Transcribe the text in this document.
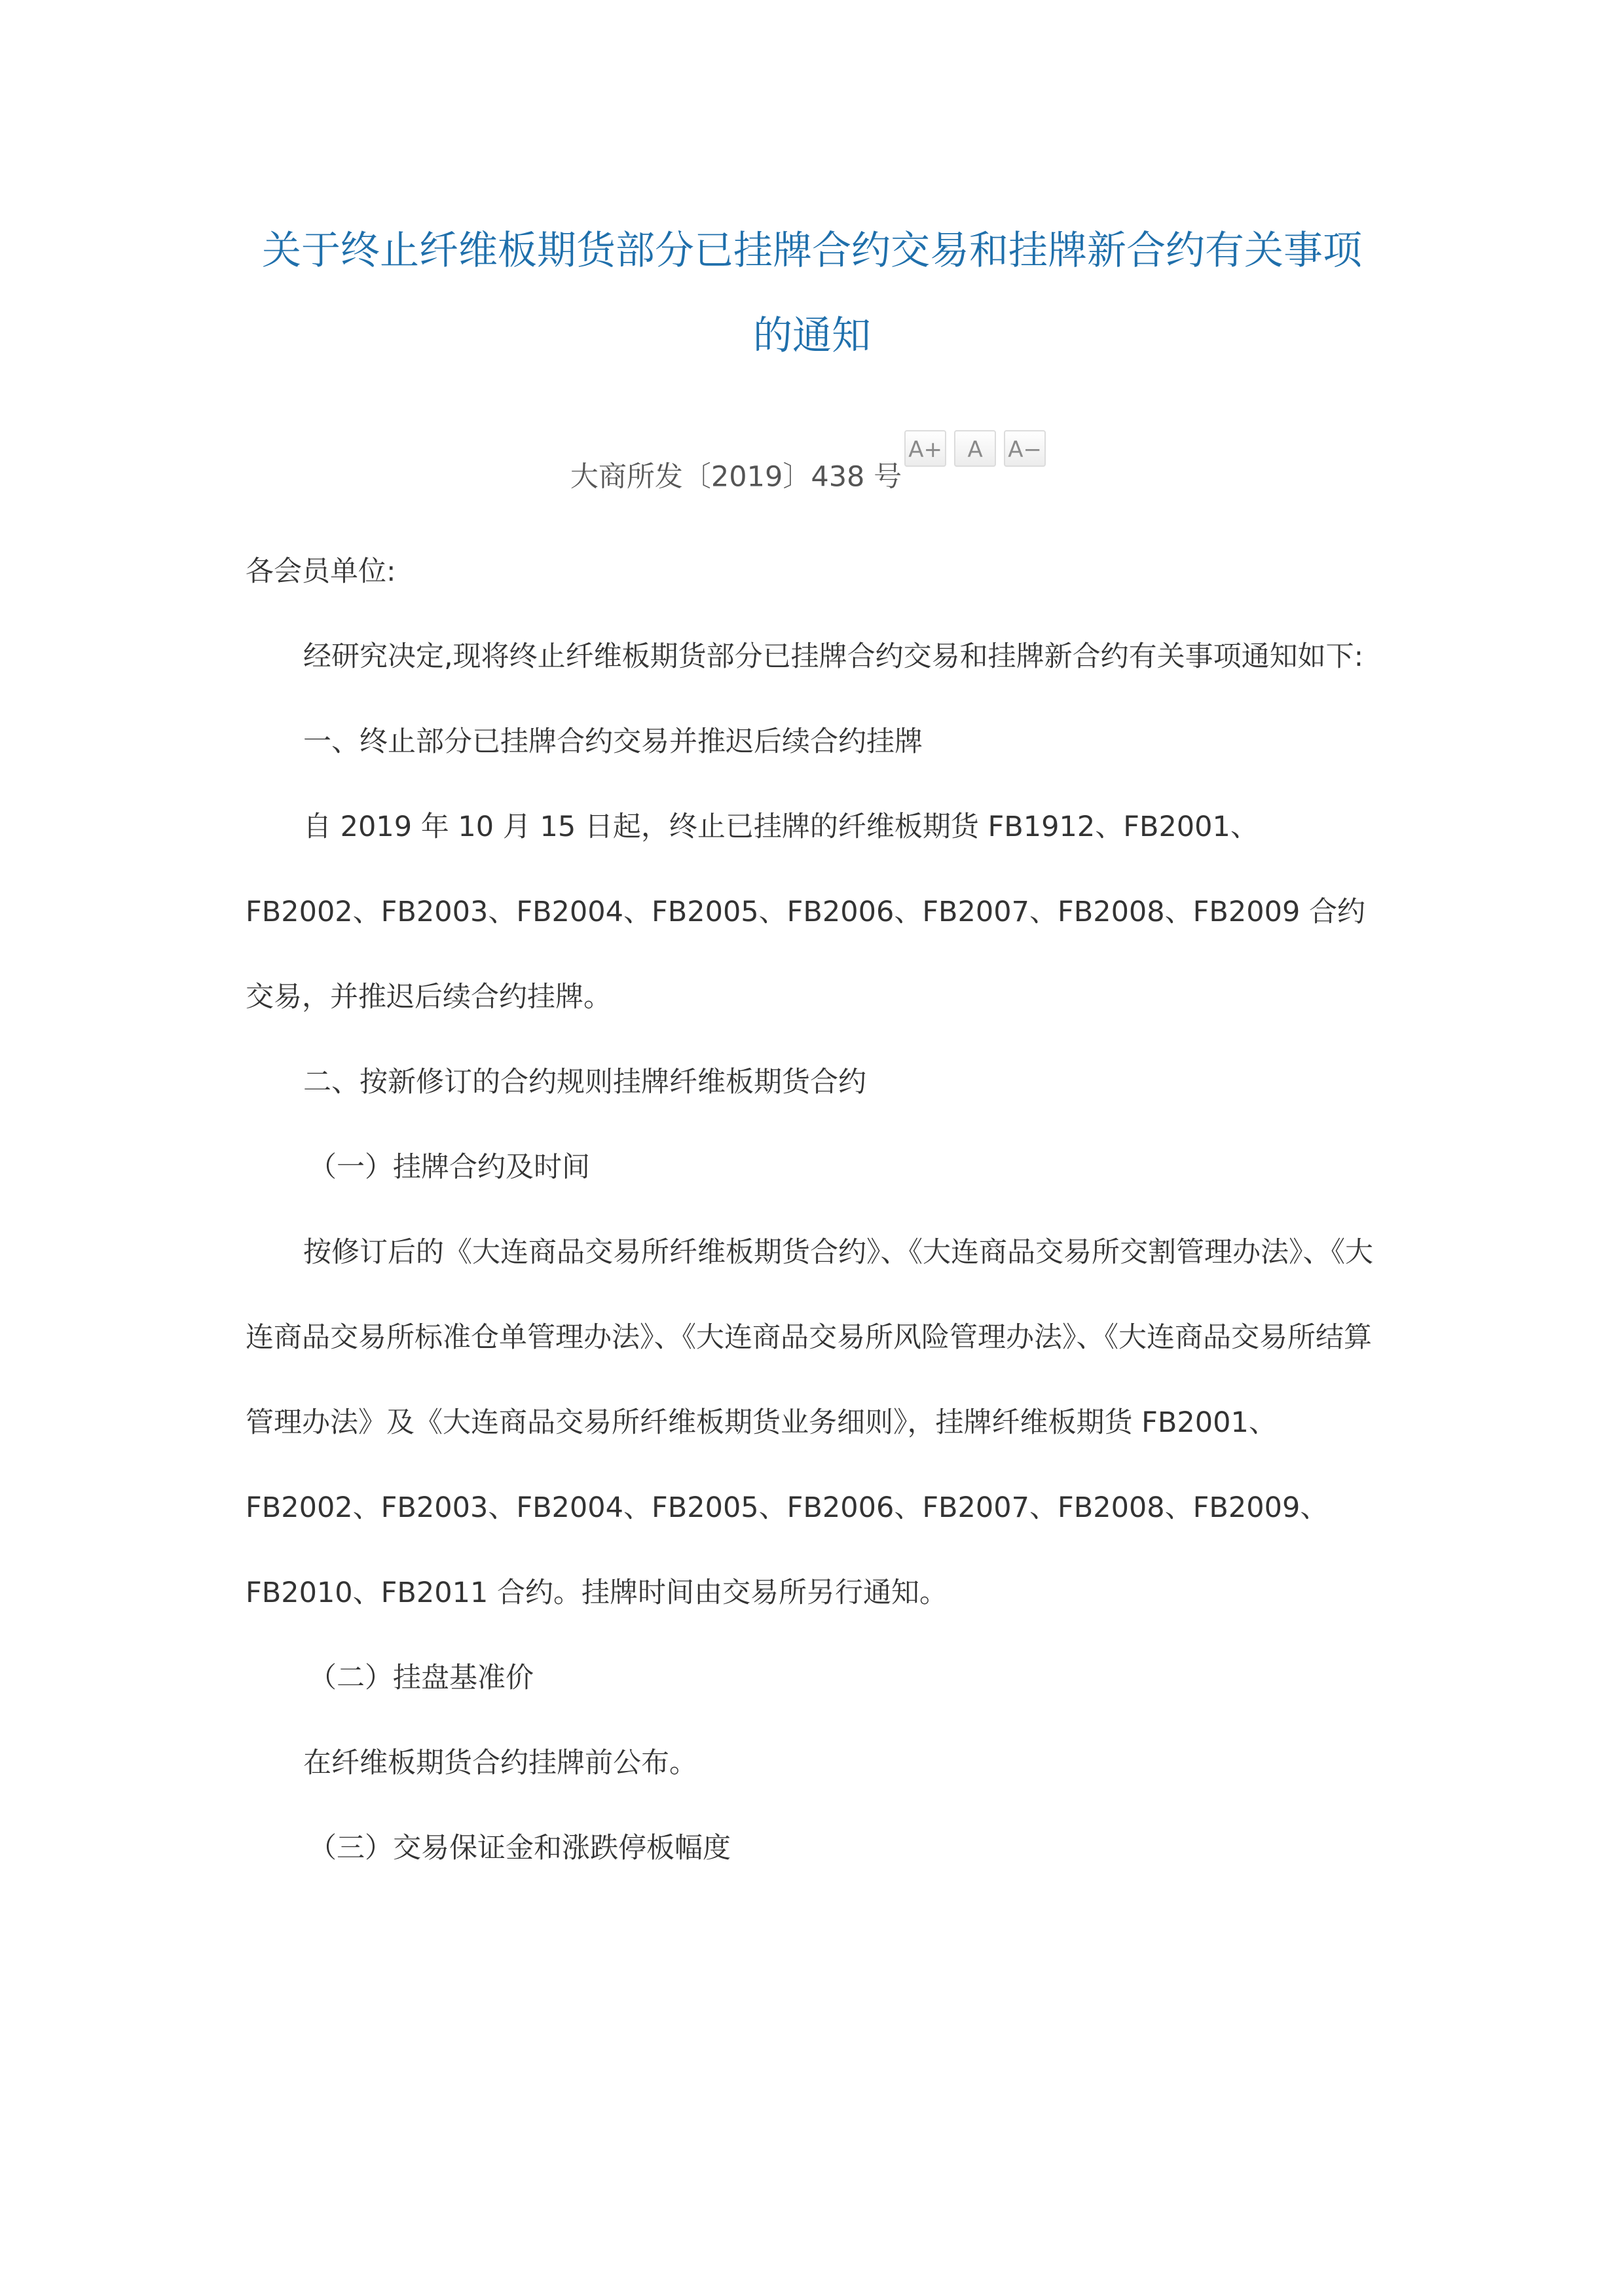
关于终止纤维板期货部分已挂牌合约交易和挂牌新合约有关事项的通知
大商所发〔2019〕438 号A+ A A−

各会员单位:

经研究决定,现将终止纤维板期货部分已挂牌合约交易和挂牌新合约有关事项通知如下:

一、终止部分已挂牌合约交易并推迟后续合约挂牌

自 2019 年 10 月 15 日起，终止已挂牌的纤维板期货 FB1912、FB2001、FB2002、FB2003、FB2004、FB2005、FB2006、FB2007、FB2008、FB2009 合约交易，并推迟后续合约挂牌。

二、按新修订的合约规则挂牌纤维板期货合约

（一）挂牌合约及时间

按修订后的《大连商品交易所纤维板期货合约》、《大连商品交易所交割管理办法》、《大连商品交易所标准仓单管理办法》、《大连商品交易所风险管理办法》、《大连商品交易所结算管理办法》及《大连商品交易所纤维板期货业务细则》，挂牌纤维板期货 FB2001、FB2002、FB2003、FB2004、FB2005、FB2006、FB2007、FB2008、FB2009、FB2010、FB2011 合约。挂牌时间由交易所另行通知。

（二）挂盘基准价

在纤维板期货合约挂牌前公布。

（三）交易保证金和涨跌停板幅度
